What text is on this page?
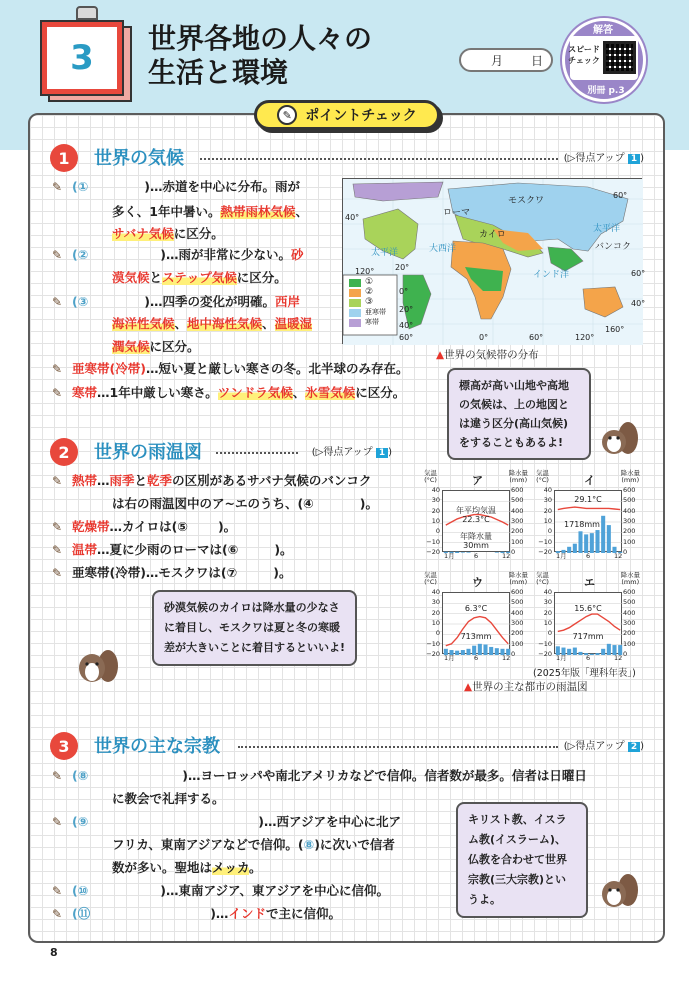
3	世界各地の人々の
生活と環境	月 日
解答
スピード
チェック
別冊 p.3
✎ ポイントチェック
1	世界の気候	(▷得点アップ 1 )
✎ (①	)…赤道を中心に分布。雨が
多く、1年中暑い。熱帯雨林気候、
サバナ気候に区分。
✎ (②	)…雨が非常に少ない。砂
漠気候とステップ気候に区分。
✎ (③	)…四季の変化が明確。西岸
海洋性気候、地中海性気候、温暖湿
潤気候に区分。
✎ 亜寒帯(冷帯)…短い夏と厳しい寒さの冬。北半球のみ存在。
✎ 寒帯…1年中厳しい寒さ。ツンドラ気候、氷雪気候に区分。
①
②
③
亜寒帯
寒帯
モスクワ
ローマ
カイロ
太平洋	大西洋
インド洋
太平洋
バンコク
60°
40°
20°
0°
20°
40°
60°
120°
0°	60°	120°
160°
60°
40°
▲世界の気候帯の分布
標高が高い山地や高地の気候は、上の地図とは違う区分(高山気候)をすることもあるよ!
2	世界の雨温図	(▷得点アップ 1 )
✎ 熱帯…雨季と乾季の区別があるサバナ気候のバンコク
は右の雨温図中のア~エのうち、(④	)。
✎ 乾燥帯…カイロは(⑤ )。
✎ 温帯…夏に少雨のローマは(⑥	)。
✎ 亜寒帯(冷帯)…モスクワは(⑦	)。
砂漠気候のカイロは降水量の少なさに着目し、モスクワは夏と冬の寒暖差が大きいことに着目するといいよ!
気温
(°C)
降水量
(mm)
ア
40
30
20
10
0
−10
−20
600
500
400
300
200
100
0
1月	6	12
年平均気温
22.3°C
年降水量
30mm
気温
(°C)
降水量
(mm)
イ
40
30
20
10
0
−10
−20
600
500
400
300
200
100
0
1月	6	12
29.1°C
1718mm
気温
(°C)
降水量
(mm)
ウ
40
30
20
10
0
−10
−20
600
500
400
300
200
100
0
1月	6	12
6.3°C
713mm
気温
(°C)
降水量
(mm)
エ
40
30
20
10
0
−10
−20
600
500
400
300
200
100
0
1月	6	12
15.6°C
717mm
(2025年版「理科年表」)
▲世界の主な都市の雨温図
3	世界の主な宗教	(▷得点アップ 2 )
✎ (⑧	)…ヨーロッパや南北アメリカなどで信仰。信者数が最多。信者は日曜日
に教会で礼拝する。
✎ (⑨	)…西アジアを中心に北ア
フリカ、東南アジアなどで信仰。(⑧)に次いで信者
数が多い。聖地はメッカ。
✎ (⑩	)…東南アジア、東アジアを中心に信仰。
✎ (⑪	)…インドで主に信仰。
キリスト教、イスラム教(イスラーム)、仏教を合わせて世界宗教(三大宗教)というよ。
8
